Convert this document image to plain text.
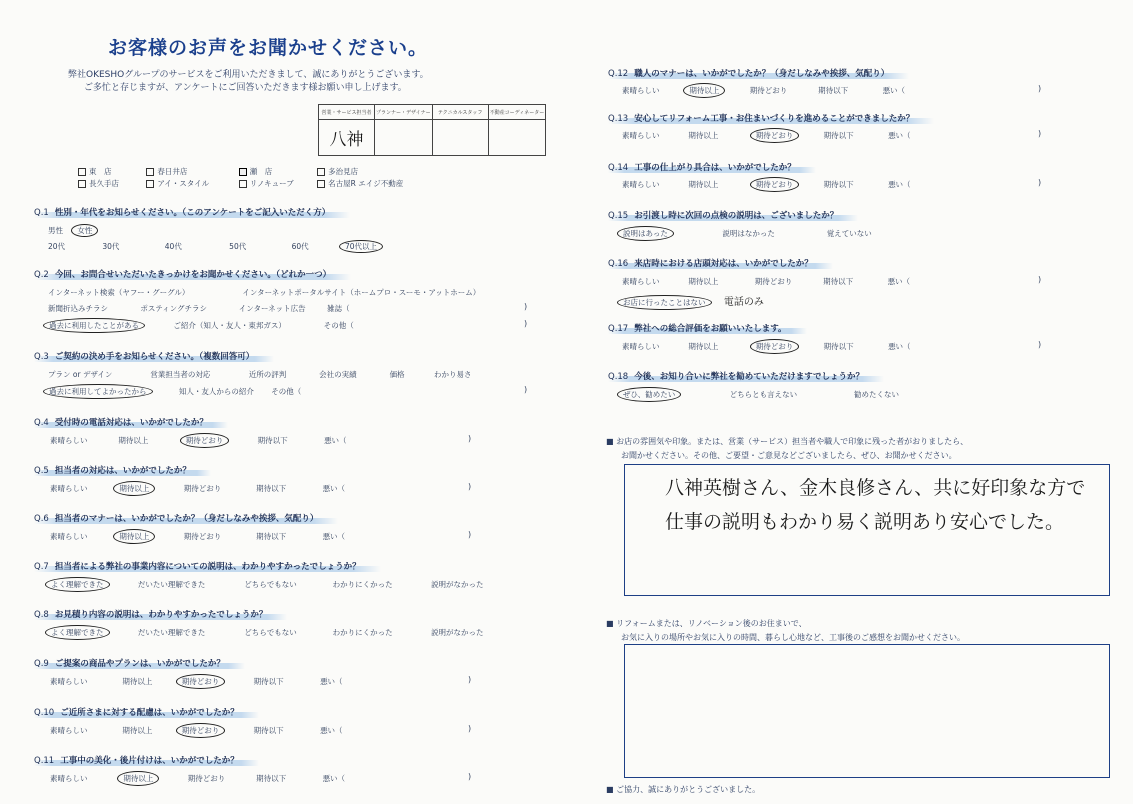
お客様のお声をお聞かせください。
弊社OKESHOグループのサービスをご利用いただきまして、誠にありがとうございます。
ご多忙と存じますが、アンケートにご回答いただきます様お願い申し上げます。
営業・サービス担当者	プランナー・デザイナー	テクニカルスタッフ	不動産コーディネーター
八神			
東　店	春日井店	瀬　店	多治見店
長久手店	アイ・スタイル	リノキューブ	名古屋R エイジ不動産
Q.1 性別・年代をお知らせください。（このアンケートをご記入いただく方）
男性 女性
20代	30代	40代	50代	60代	70代以上
Q.2 今回、お問合せいただいたきっかけをお聞かせください。（どれか一つ）
インターネット検索（ヤフー・グーグル）	インターネットポータルサイト（ホームプロ・スーモ・アットホーム）
新聞折込みチラシ	ポスティングチラシ	インターネット広告	雑誌（	)
過去に利用したことがある	ご紹介（知人・友人・東邦ガス）	その他（	)
Q.3 ご契約の決め手をお知らせください。（複数回答可）
プラン or デザイン	営業担当者の対応	近所の評判	会社の実績	価格	わかり易さ
過去に利用してよかったから	知人・友人からの紹介 その他（	)
Q.4 受付時の電話対応は、いかがでしたか？
素晴らしい	期待以上	期待どおり	期待以下	悪い（	)
Q.5 担当者の対応は、いかがでしたか？
素晴らしい	期待以上	期待どおり	期待以下	悪い（	)
Q.6 担当者のマナーは、いかがでしたか？（身だしなみや挨拶、気配り）
素晴らしい	期待以上	期待どおり	期待以下	悪い（	)
Q.7 担当者による弊社の事業内容についての説明は、わかりやすかったでしょうか？
よく理解できた	だいたい理解できた	どちらでもない	わかりにくかった	説明がなかった
Q.8 お見積り内容の説明は、わかりやすかったでしょうか？
よく理解できた	だいたい理解できた	どちらでもない	わかりにくかった	説明がなかった
Q.9 ご提案の商品やプランは、いかがでしたか？
素晴らしい	期待以上	期待どおり	期待以下	悪い（	)
Q.10 ご近所さまに対する配慮は、いかがでしたか？
素晴らしい	期待以上	期待どおり	期待以下	悪い（	)
Q.11 工事中の美化・後片付けは、いかがでしたか？
素晴らしい	期待以上	期待どおり	期待以下	悪い（	)
Q.12 職人のマナーは、いかがでしたか？（身だしなみや挨拶、気配り）
素晴らしい	期待以上	期待どおり	期待以下	悪い（	)
Q.13 安心してリフォーム工事・お住まいづくりを進めることができましたか？
素晴らしい	期待以上	期待どおり	期待以下	悪い（	)
Q.14 工事の仕上がり具合は、いかがでしたか？
素晴らしい	期待以上	期待どおり	期待以下	悪い（	)
Q.15 お引渡し時に次回の点検の説明は、ございましたか？
説明はあった	説明はなかった	覚えていない
Q.16 来店時における店頭対応は、いかがでしたか？
素晴らしい	期待以上	期待どおり	期待以下	悪い（	)
お店に行ったことはない 電話のみ
Q.17 弊社への総合評価をお願いいたします。
素晴らしい	期待以上	期待どおり	期待以下	悪い（	)
Q.18 今後、お知り合いに弊社を勧めていただけますでしょうか？
ぜひ、勧めたい	どちらとも言えない	勧めたくない
■ お店の雰囲気や印象。または、営業（サービス）担当者や職人で印象に残った者がおりましたら、
お聞かせください。その他、ご要望・ご意見などございましたら、ぜひ、お聞かせください。
八神英樹さん、金木良修さん、共に好印象な方で
仕事の説明もわかり易く説明あり安心でした。
■ リフォームまたは、リノベーション後のお住まいで、
お気に入りの場所やお気に入りの時間、暮らし心地など、工事後のご感想をお聞かせください。
■ ご協力、誠にありがとうございました。
